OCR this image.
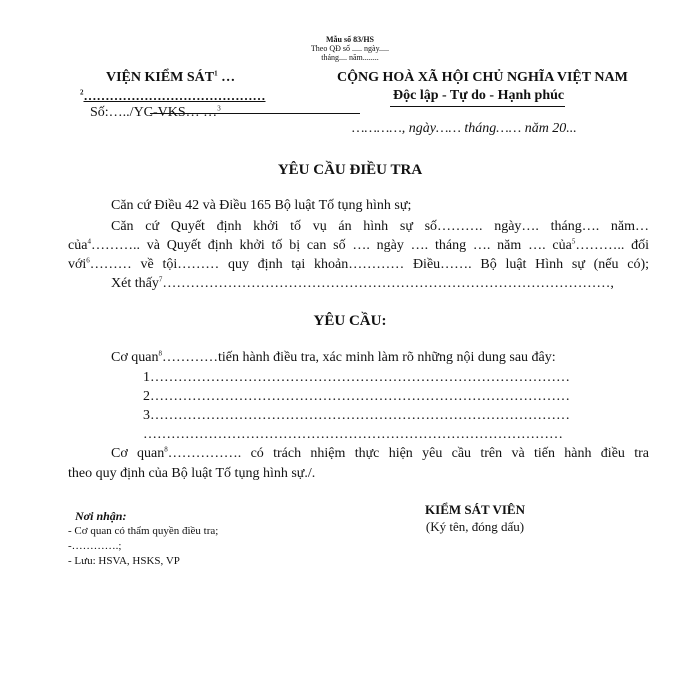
Mẫu số 83/HS
Theo QĐ số ..... ngày.....
tháng.... năm........
VIỆN KIỂM SÁT$^1$ …
$^2$……………………………………
Số:…../YC-VKS… …$^3$
CỘNG HOÀ XÃ HỘI CHỦ NGHĨA VIỆT NAM
Độc lập - Tự do - Hạnh phúc
…………, ngày…… tháng…… năm 20...
YÊU CẦU ĐIỀU TRA
Căn cứ Điều 42 và Điều 165 Bộ luật Tố tụng hình sự;
Căn cứ Quyết định khởi tố vụ án hình sự số………. ngày…. tháng…. năm…
của$^4$……….. và Quyết định khởi tố bị can số …. ngày …. tháng …. năm …. của$^5$……….. đối
với$^6$……… về tội……… quy định tại khoản………… Điều……. Bộ luật Hình sự (nếu có);
Xét thấy$^7$……………………………………………………………………………………,
YÊU CẦU:
Cơ quan$^8$…………tiến hành điều tra, xác minh làm rõ những nội dung sau đây:
1………………………………………………………………………………
2………………………………………………………………………………
3………………………………………………………………………………
………………………………………………………………………………
Cơ quan$^8$……………. có trách nhiệm thực hiện yêu cầu trên và tiến hành điều tra
theo quy định của Bộ luật Tố tụng hình sự./.
Nơi nhận:
- Cơ quan có thẩm quyền điều tra;
-………….;
- Lưu: HSVA, HSKS, VP
KIỂM SÁT VIÊN
(Ký tên, đóng dấu)
